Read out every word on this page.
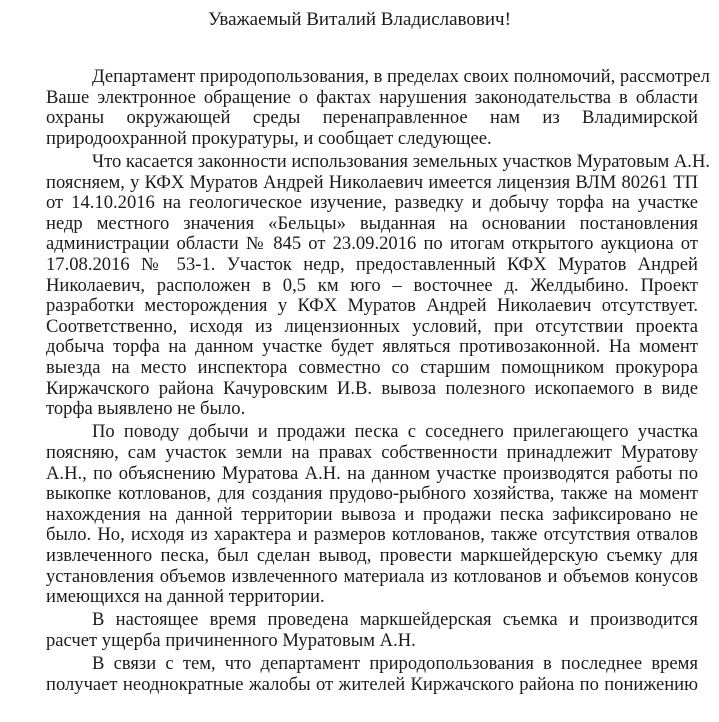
Уважаемый Виталий Владиславович!
Департамент природопользования, в пределах своих полномочий, рассмотрел
Ваше электронное обращение о фактах нарушения законодательства в области
охраны окружающей среды перенаправленное нам из Владимирской
природоохранной прокуратуры, и сообщает следующее.
Что касается законности использования земельных участков Муратовым А.Н.
поясняем, у КФХ Муратов Андрей Николаевич имеется лицензия ВЛМ 80261 ТП
от 14.10.2016 на геологическое изучение, разведку и добычу торфа на участке
недр местного значения «Бельцы» выданная на основании постановления
администрации области № 845 от 23.09.2016 по итогам открытого аукциона от
17.08.2016 № 53-1. Участок недр, предоставленный КФХ Муратов Андрей
Николаевич, расположен в 0,5 км юго – восточнее д. Желдыбино. Проект
разработки месторождения у КФХ Муратов Андрей Николаевич отсутствует.
Соответственно, исходя из лицензионных условий, при отсутствии проекта
добыча торфа на данном участке будет являться противозаконной. На момент
выезда на место инспектора совместно со старшим помощником прокурора
Киржачского района Качуровским И.В. вывоза полезного ископаемого в виде
торфа выявлено не было.
По поводу добычи и продажи песка с соседнего прилегающего участка
поясняю, сам участок земли на правах собственности принадлежит Муратову
А.Н., по объяснению Муратова А.Н. на данном участке производятся работы по
выкопке котлованов, для создания прудово-рыбного хозяйства, также на момент
нахождения на данной территории вывоза и продажи песка зафиксировано не
было. Но, исходя из характера и размеров котлованов, также отсутствия отвалов
извлеченного песка, был сделан вывод, провести маркшейдерскую съемку для
установления объемов извлеченного материала из котлованов и объемов конусов
имеющихся на данной территории.
В настоящее время проведена маркшейдерская съемка и производится
расчет ущерба причиненного Муратовым А.Н.
В связи с тем, что департамент природопользования в последнее время
получает неоднократные жалобы от жителей Киржачского района по понижению
